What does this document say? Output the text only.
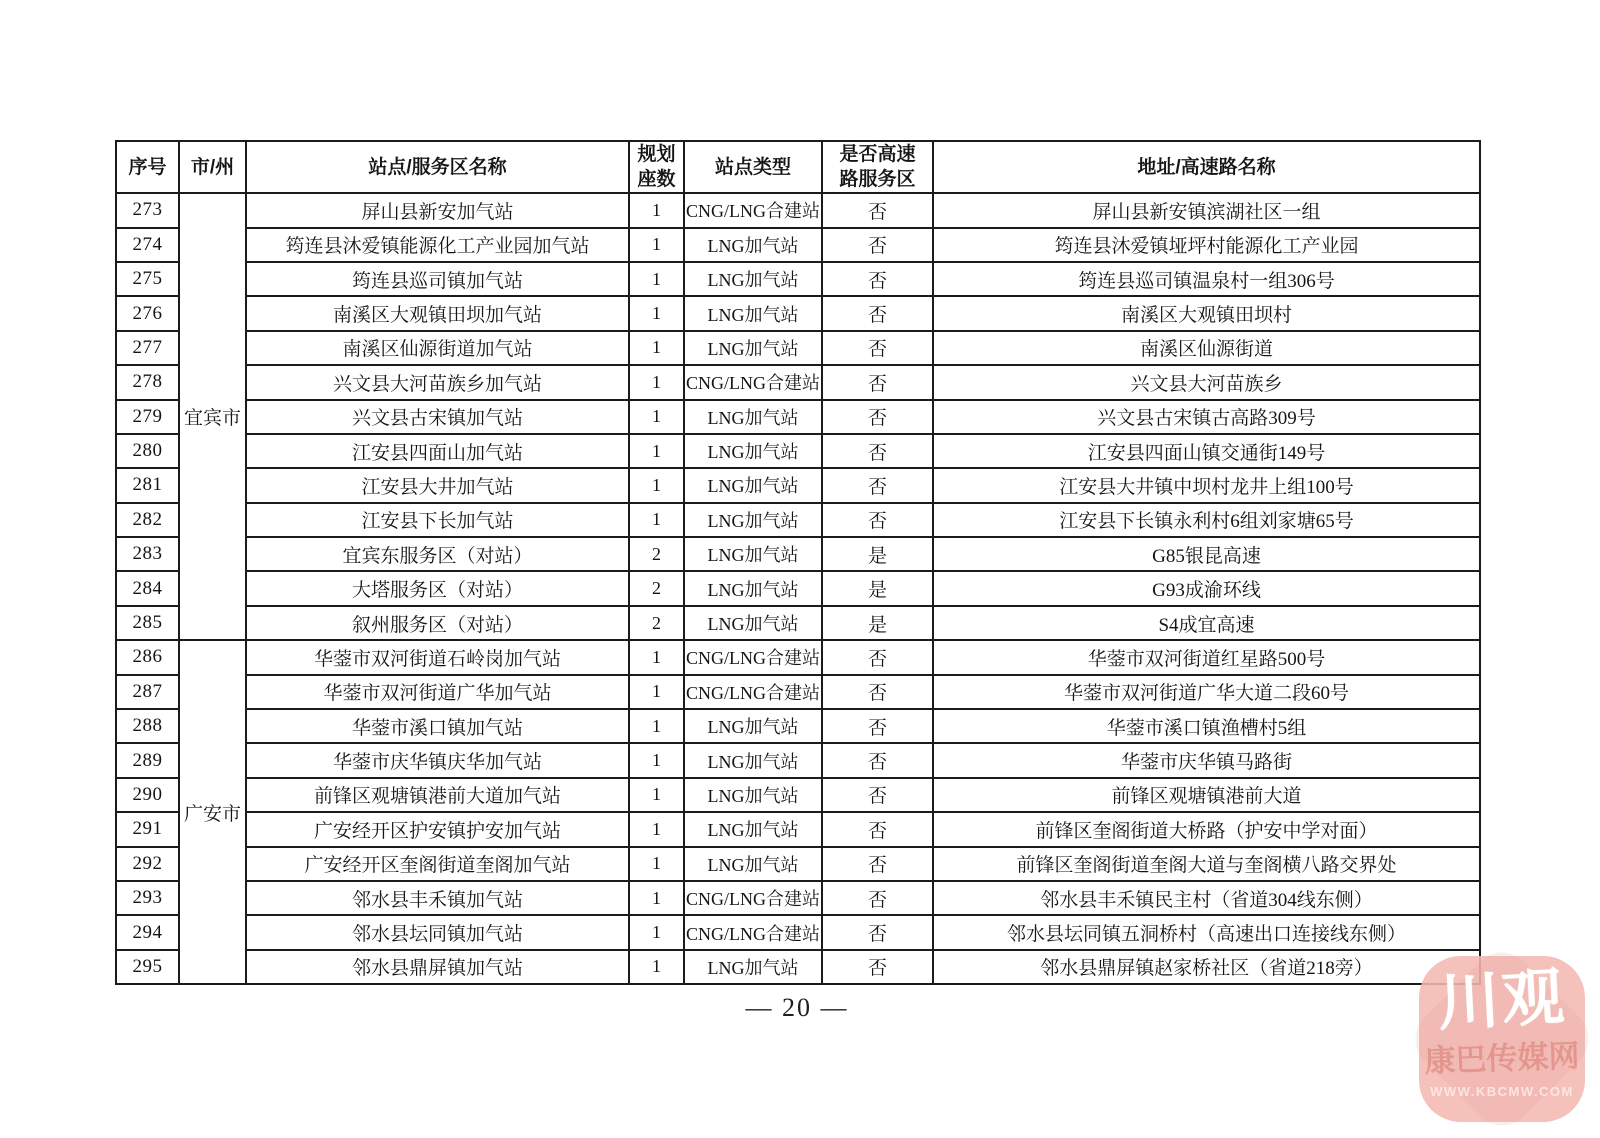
序号	市/州	站点/服务区名称	规划座数	站点类型	是否高速路服务区	地址/高速路名称
273	宜宾市	屏山县新安加气站	1	CNG/LNG合建站	否	屏山县新安镇滨湖社区一组
274		筠连县沐爱镇能源化工产业园加气站	1	LNG加气站	否	筠连县沐爱镇垭坪村能源化工产业园
275		筠连县巡司镇加气站	1	LNG加气站	否	筠连县巡司镇温泉村一组306号
276		南溪区大观镇田坝加气站	1	LNG加气站	否	南溪区大观镇田坝村
277		南溪区仙源街道加气站	1	LNG加气站	否	南溪区仙源街道
278		兴文县大河苗族乡加气站	1	CNG/LNG合建站	否	兴文县大河苗族乡
279		兴文县古宋镇加气站	1	LNG加气站	否	兴文县古宋镇古高路309号
280		江安县四面山加气站	1	LNG加气站	否	江安县四面山镇交通街149号
281		江安县大井加气站	1	LNG加气站	否	江安县大井镇中坝村龙井上组100号
282		江安县下长加气站	1	LNG加气站	否	江安县下长镇永利村6组刘家塘65号
283		宜宾东服务区（对站）	2	LNG加气站	是	G85银昆高速
284		大塔服务区（对站）	2	LNG加气站	是	G93成渝环线
285		叙州服务区（对站）	2	LNG加气站	是	S4成宜高速
286	广安市	华蓥市双河街道石岭岗加气站	1	CNG/LNG合建站	否	华蓥市双河街道红星路500号
287		华蓥市双河街道广华加气站	1	CNG/LNG合建站	否	华蓥市双河街道广华大道二段60号
288		华蓥市溪口镇加气站	1	LNG加气站	否	华蓥市溪口镇渔槽村5组
289		华蓥市庆华镇庆华加气站	1	LNG加气站	否	华蓥市庆华镇马路街
290		前锋区观塘镇港前大道加气站	1	LNG加气站	否	前锋区观塘镇港前大道
291		广安经开区护安镇护安加气站	1	LNG加气站	否	前锋区奎阁街道大桥路（护安中学对面）
292		广安经开区奎阁街道奎阁加气站	1	LNG加气站	否	前锋区奎阁街道奎阁大道与奎阁横八路交界处
293		邻水县丰禾镇加气站	1	CNG/LNG合建站	否	邻水县丰禾镇民主村（省道304线东侧）
294		邻水县坛同镇加气站	1	CNG/LNG合建站	否	邻水县坛同镇五洞桥村（高速出口连接线东侧）
295		邻水县鼎屏镇加气站	1	LNG加气站	否	邻水县鼎屏镇赵家桥社区（省道218旁）
— 20 —	川观
康巴传媒网
WWW.KBCMW.COM
